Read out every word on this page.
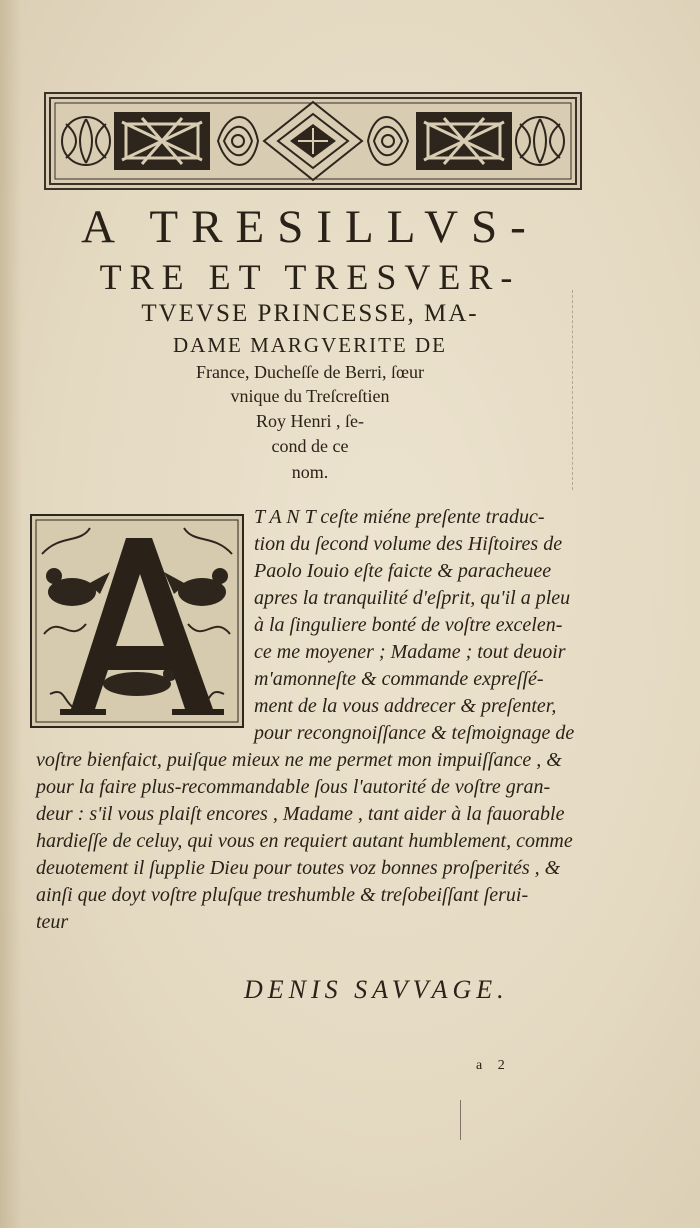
A TRESILLVS-
TRE ET TRESVER-
TVEVSE PRINCESSE, MA-
DAME MARGVERITE DE
France, Ducheſſe de Berri, ſœur
vnique du Treſcreſtien
Roy Henri , ſe-
cond de ce
nom.
T A N T ceſte miéne preſente traduc-
tion du ſecond volume des Hiſtoires de
Paolo Iouio eſte faicte & paracheuee
apres la tranquilité d'eſprit, qu'il a pleu
à la ſinguliere bonté de voſtre excelen-
ce me moyener ; Madame ; tout deuoir
m'amonneſte & commande expreſſé-
ment de la vous addrecer & preſenter,
pour recongnoiſſance & teſmoignage de
voſtre bienfaict, puiſque mieux ne me permet mon impuiſſance , &
pour la faire plus-recommandable ſous l'autorité de voſtre gran-
deur : s'il vous plaiſt encores , Madame , tant aider à la fauorable
hardieſſe de celuy, qui vous en requiert autant humblement, comme
deuotement il ſupplie Dieu pour toutes voz bonnes proſperités , &
ainſi que doyt voſtre pluſque treshumble & treſobeiſſant ſerui-
teur
DENIS SAVVAGE.
a 2
